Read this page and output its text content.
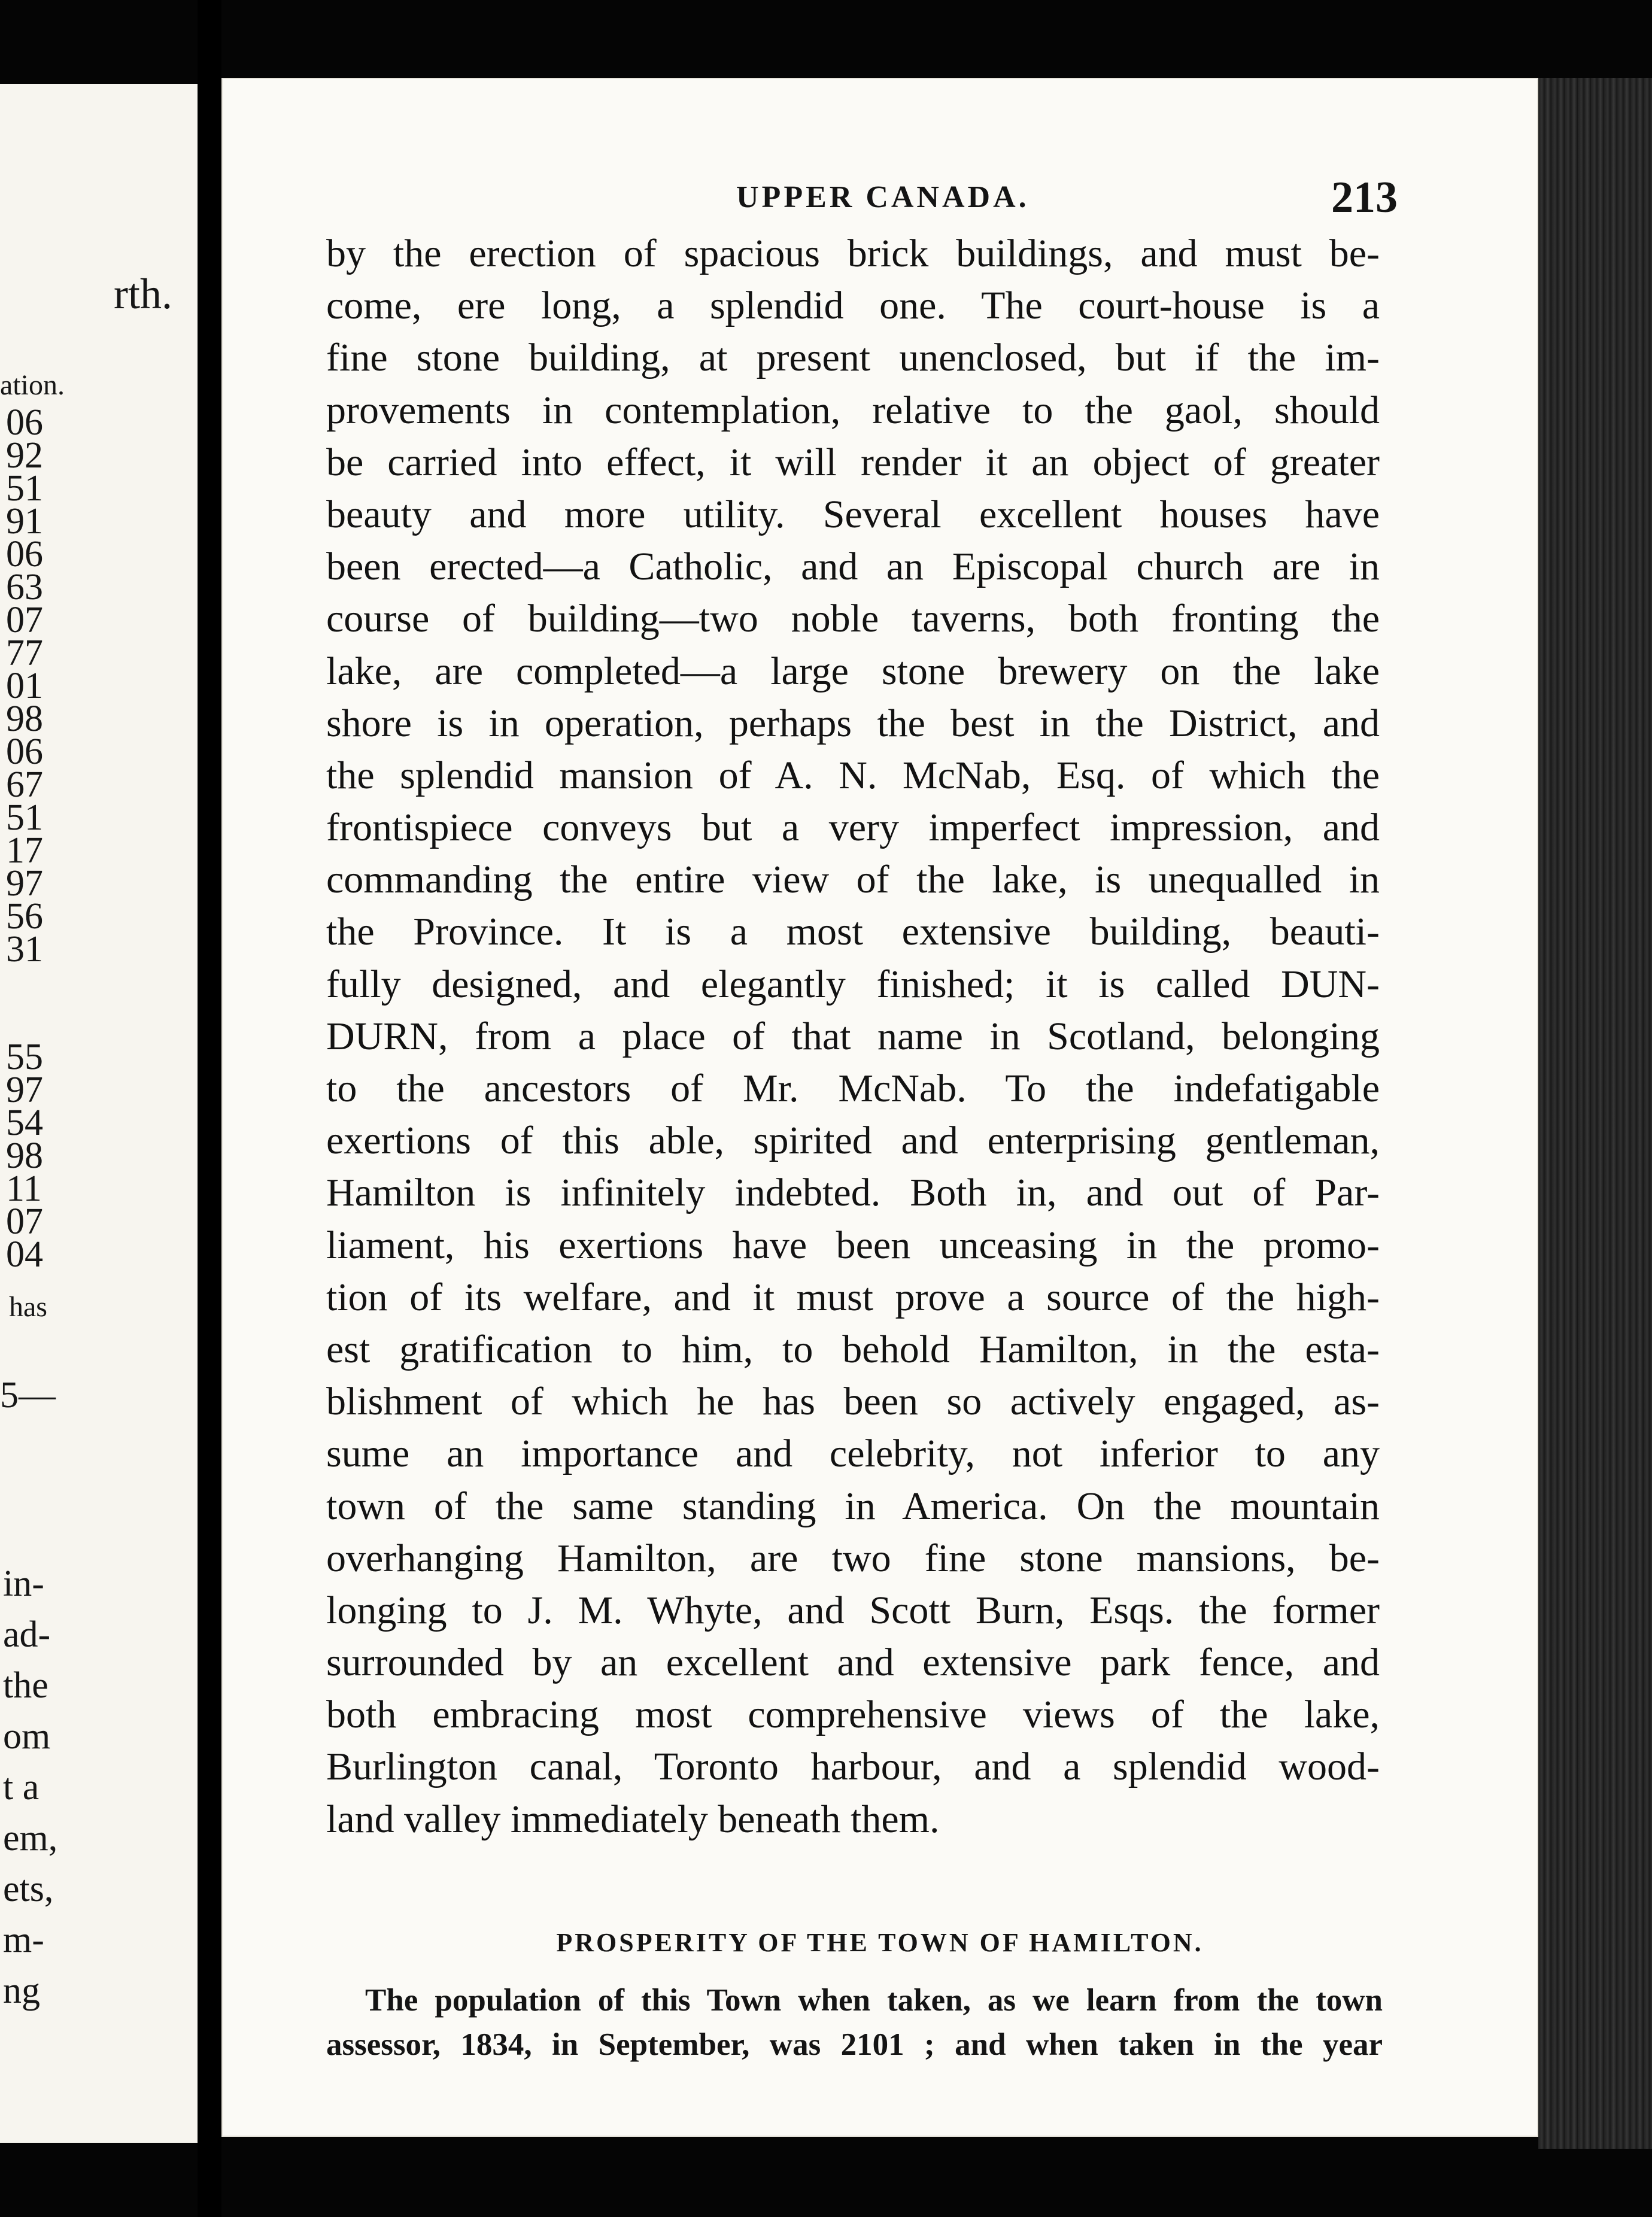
rth.
ation.
06
92
51
91
06
63
07
77
01
98
06
67
51
17
97
56
31
55
97
54
98
11
07
04
has
5—
in-
ad-
the
om
t a
em,
ets,
m-
ng
UPPER CANADA.	213
by the erection of spacious brick buildings, and must be-
come, ere long, a splendid one. The court-house is a
fine stone building, at present unenclosed, but if the im-
provements in contemplation, relative to the gaol, should
be carried into effect, it will render it an object of greater
beauty and more utility. Several excellent houses have
been erected—a Catholic, and an Episcopal church are in
course of building—two noble taverns, both fronting the
lake, are completed—a large stone brewery on the lake
shore is in operation, perhaps the best in the District, and
the splendid mansion of A. N. McNab, Esq. of which the
frontispiece conveys but a very imperfect impression, and
commanding the entire view of the lake, is unequalled in
the Province. It is a most extensive building, beauti-
fully designed, and elegantly finished; it is called DUN-
DURN, from a place of that name in Scotland, belonging
to the ancestors of Mr. McNab. To the indefatigable
exertions of this able, spirited and enterprising gentleman,
Hamilton is infinitely indebted. Both in, and out of Par-
liament, his exertions have been unceasing in the promo-
tion of its welfare, and it must prove a source of the high-
est gratification to him, to behold Hamilton, in the esta-
blishment of which he has been so actively engaged, as-
sume an importance and celebrity, not inferior to any
town of the same standing in America. On the mountain
overhanging Hamilton, are two fine stone mansions, be-
longing to J. M. Whyte, and Scott Burn, Esqs. the former
surrounded by an excellent and extensive park fence, and
both embracing most comprehensive views of the lake,
Burlington canal, Toronto harbour, and a splendid wood-
land valley immediately beneath them.
PROSPERITY OF THE TOWN OF HAMILTON.
The population of this Town when taken, as we learn from the town
assessor, 1834, in September, was 2101 ; and when taken in the year
